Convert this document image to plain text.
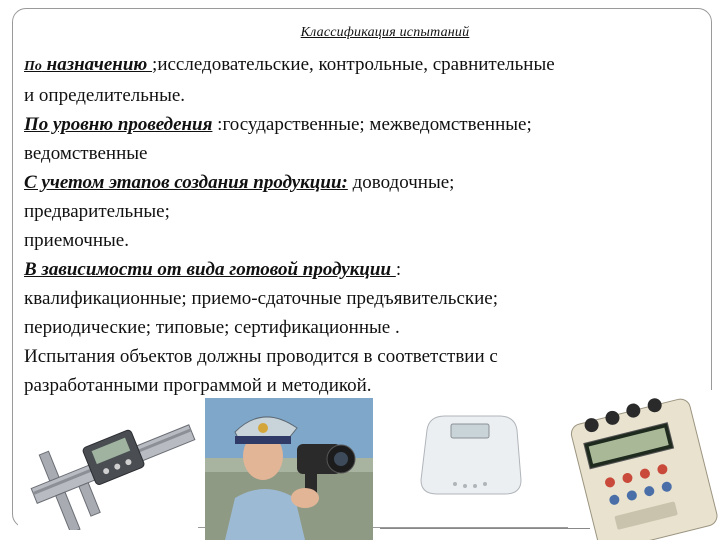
Классификация испытаний
По назначению ;исследовательские, контрольные, сравнительные
и определительные.
По уровню проведения :государственные; межведомственные;
ведомственные
С учетом этапов создания продукции: доводочные;
предварительные;
приемочные.
В зависимости от вида готовой продукции :
квалификационные; приемо-сдаточные предъявительские;
периодические; типовые; сертификационные .
Испытания объектов должны проводится в соответствии с
разработанными программой и методикой.
